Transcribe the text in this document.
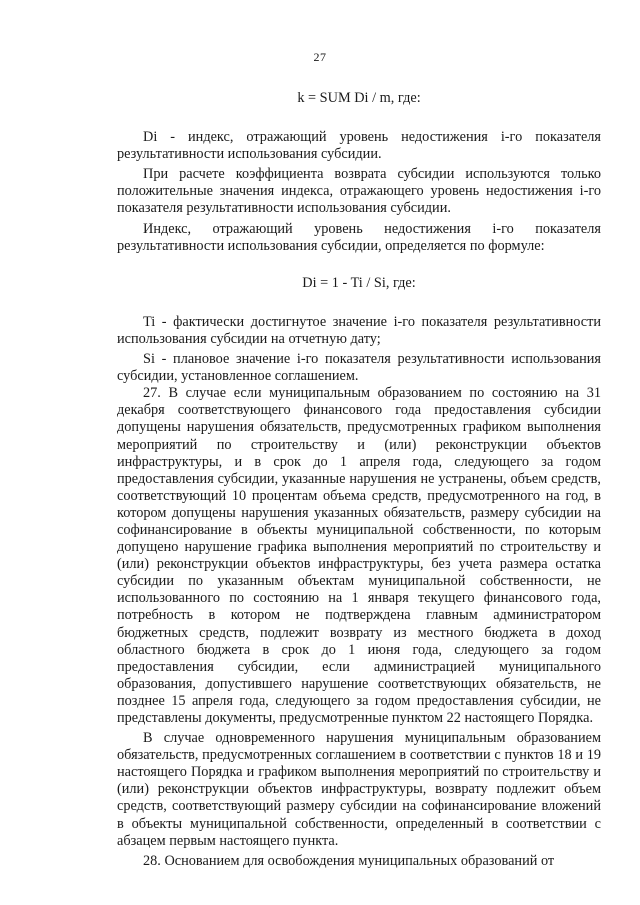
27
k = SUM Di / m, где:

Di - индекс, отражающий уровень недостижения i-го показателя результативности использования субсидии.

При расчете коэффициента возврата субсидии используются только положительные значения индекса, отражающего уровень недостижения i-го показателя результативности использования субсидии.

Индекс, отражающий уровень недостижения i-го показателя результативности использования субсидии, определяется по формуле:

Di = 1 - Ti / Si, где:

Ti - фактически достигнутое значение i-го показателя результативности использования субсидии на отчетную дату;

Si - плановое значение i-го показателя результативности использования субсидии, установленное соглашением.

27. В случае если муниципальным образованием по состоянию на 31 декабря соответствующего финансового года предоставления субсидии допущены нарушения обязательств, предусмотренных графиком выполнения мероприятий по строительству и (или) реконструкции объектов инфраструктуры, и в срок до 1 апреля года, следующего за годом предоставления субсидии, указанные нарушения не устранены, объем средств, соответствующий 10 процентам объема средств, предусмотренного на год, в котором допущены нарушения указанных обязательств, размеру субсидии на софинансирование в объекты муниципальной собственности, по которым допущено нарушение графика выполнения мероприятий по строительству и (или) реконструкции объектов инфраструктуры, без учета размера остатка субсидии по указанным объектам муниципальной собственности, не использованного по состоянию на 1 января текущего финансового года, потребность в котором не подтверждена главным администратором бюджетных средств, подлежит возврату из местного бюджета в доход областного бюджета в срок до 1 июня года, следующего за годом предоставления субсидии, если администрацией муниципального образования, допустившего нарушение соответствующих обязательств, не позднее 15 апреля года, следующего за годом предоставления субсидии, не представлены документы, предусмотренные пунктом 22 настоящего Порядка.

В случае одновременного нарушения муниципальным образованием обязательств, предусмотренных соглашением в соответствии с пунктов 18 и 19 настоящего Порядка и графиком выполнения мероприятий по строительству и (или) реконструкции объектов инфраструктуры, возврату подлежит объем средств, соответствующий размеру субсидии на софинансирование вложений в объекты муниципальной собственности, определенный в соответствии с абзацем первым настоящего пункта.

28. Основанием для освобождения муниципальных образований от
